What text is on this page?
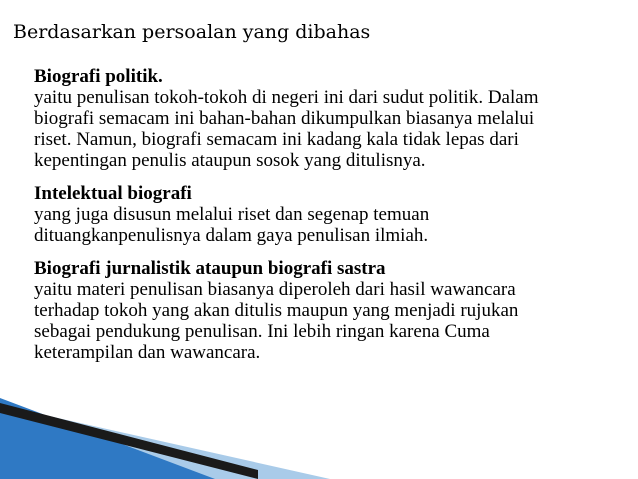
Berdasarkan persoalan yang dibahas
Biografi politik.
yaitu penulisan tokoh-tokoh di negeri ini dari sudut politik. Dalam
biografi semacam ini bahan-bahan dikumpulkan biasanya melalui
riset. Namun, biografi semacam ini kadang kala tidak lepas dari
kepentingan penulis ataupun sosok yang ditulisnya.
Intelektual biografi
yang juga disusun melalui riset dan segenap temuan
dituangkanpenulisnya dalam gaya penulisan ilmiah.
Biografi jurnalistik ataupun biografi sastra
yaitu materi penulisan biasanya diperoleh dari hasil wawancara
terhadap tokoh yang akan ditulis maupun yang menjadi rujukan
sebagai pendukung penulisan. Ini lebih ringan karena Cuma
keterampilan dan wawancara.
